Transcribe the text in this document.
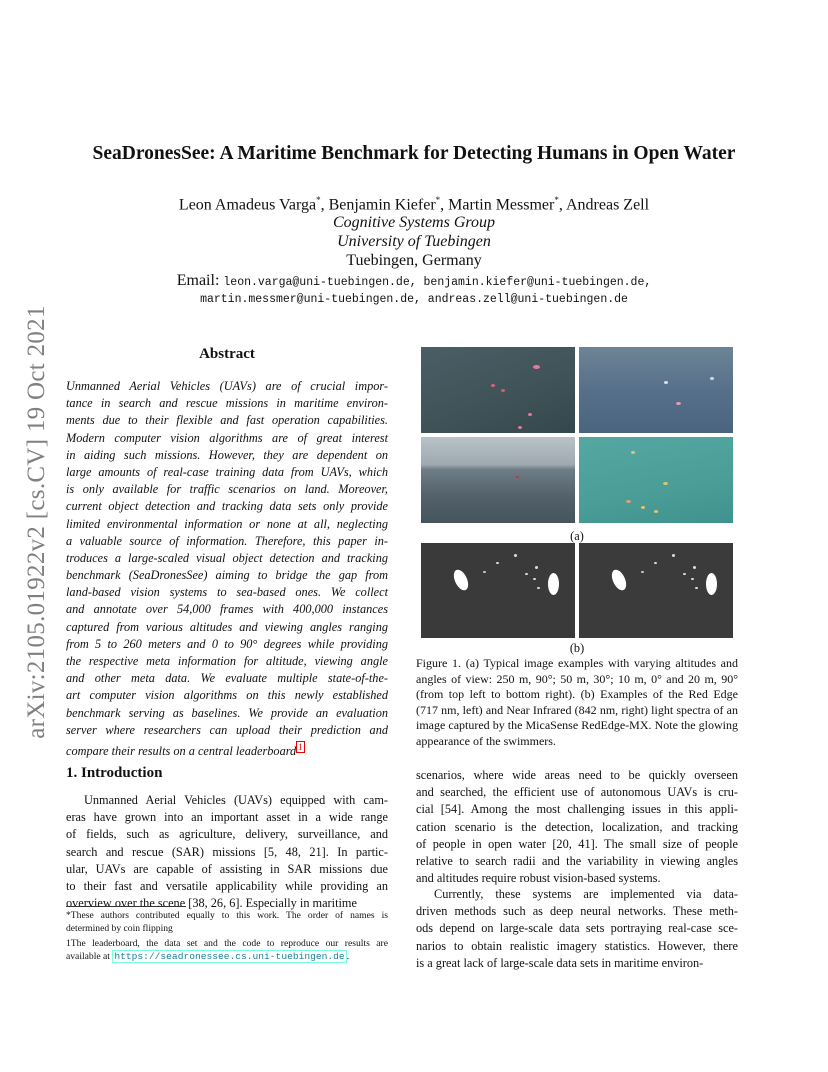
arXiv:2105.01922v2 [cs.CV] 19 Oct 2021
SeaDronesSee: A Maritime Benchmark for Detecting Humans in Open Water
Leon Amadeus Varga*, Benjamin Kiefer*, Martin Messmer*, Andreas Zell
Cognitive Systems Group
University of Tuebingen
Tuebingen, Germany
Email: leon.varga@uni-tuebingen.de, benjamin.kiefer@uni-tuebingen.de,
martin.messmer@uni-tuebingen.de, andreas.zell@uni-tuebingen.de
Abstract
Unmanned Aerial Vehicles (UAVs) are of crucial impor-
tance in search and rescue missions in maritime environ-
ments due to their flexible and fast operation capabilities.
Modern computer vision algorithms are of great interest
in aiding such missions. However, they are dependent on
large amounts of real-case training data from UAVs, which
is only available for traffic scenarios on land. Moreover,
current object detection and tracking data sets only provide
limited environmental information or none at all, neglecting
a valuable source of information. Therefore, this paper in-
troduces a large-scaled visual object detection and tracking
benchmark (SeaDronesSee) aiming to bridge the gap from
land-based vision systems to sea-based ones. We collect
and annotate over 54,000 frames with 400,000 instances
captured from various altitudes and viewing angles ranging
from 5 to 260 meters and 0 to 90° degrees while providing
the respective meta information for altitude, viewing angle
and other meta data. We evaluate multiple state-of-the-
art computer vision algorithms on this newly established
benchmark serving as baselines. We provide an evaluation
server where researchers can upload their prediction and
compare their results on a central leaderboard $^1$
1. Introduction
Unmanned Aerial Vehicles (UAVs) equipped with cam-
eras have grown into an important asset in a wide range
of fields, such as agriculture, delivery, surveillance, and
search and rescue (SAR) missions [5, 48, 21]. In partic-
ular, UAVs are capable of assisting in SAR missions due
to their fast and versatile applicability while providing an
overview over the scene [38, 26, 6]. Especially in maritime
*These authors contributed equally to this work. The order of names is
determined by coin flipping
1The leaderboard, the data set and the code to reproduce our results are
available at https://seadronessee.cs.uni-tuebingen.de .
(a)
(b)
Figure 1. (a) Typical image examples with varying altitudes and
angles of view: 250 m, 90°; 50 m, 30°; 10 m, 0° and 20 m, 90°
(from top left to bottom right). (b) Examples of the Red Edge
(717 nm, left) and Near Infrared (842 nm, right) light spectra of an
image captured by the MicaSense RedEdge-MX. Note the glowing
appearance of the swimmers.
scenarios, where wide areas need to be quickly overseen
and searched, the efficient use of autonomous UAVs is cru-
cial [54]. Among the most challenging issues in this appli-
cation scenario is the detection, localization, and tracking
of people in open water [20, 41]. The small size of people
relative to search radii and the variability in viewing angles
and altitudes require robust vision-based systems.
Currently, these systems are implemented via data-
driven methods such as deep neural networks. These meth-
ods depend on large-scale data sets portraying real-case sce-
narios to obtain realistic imagery statistics. However, there
is a great lack of large-scale data sets in maritime environ-
